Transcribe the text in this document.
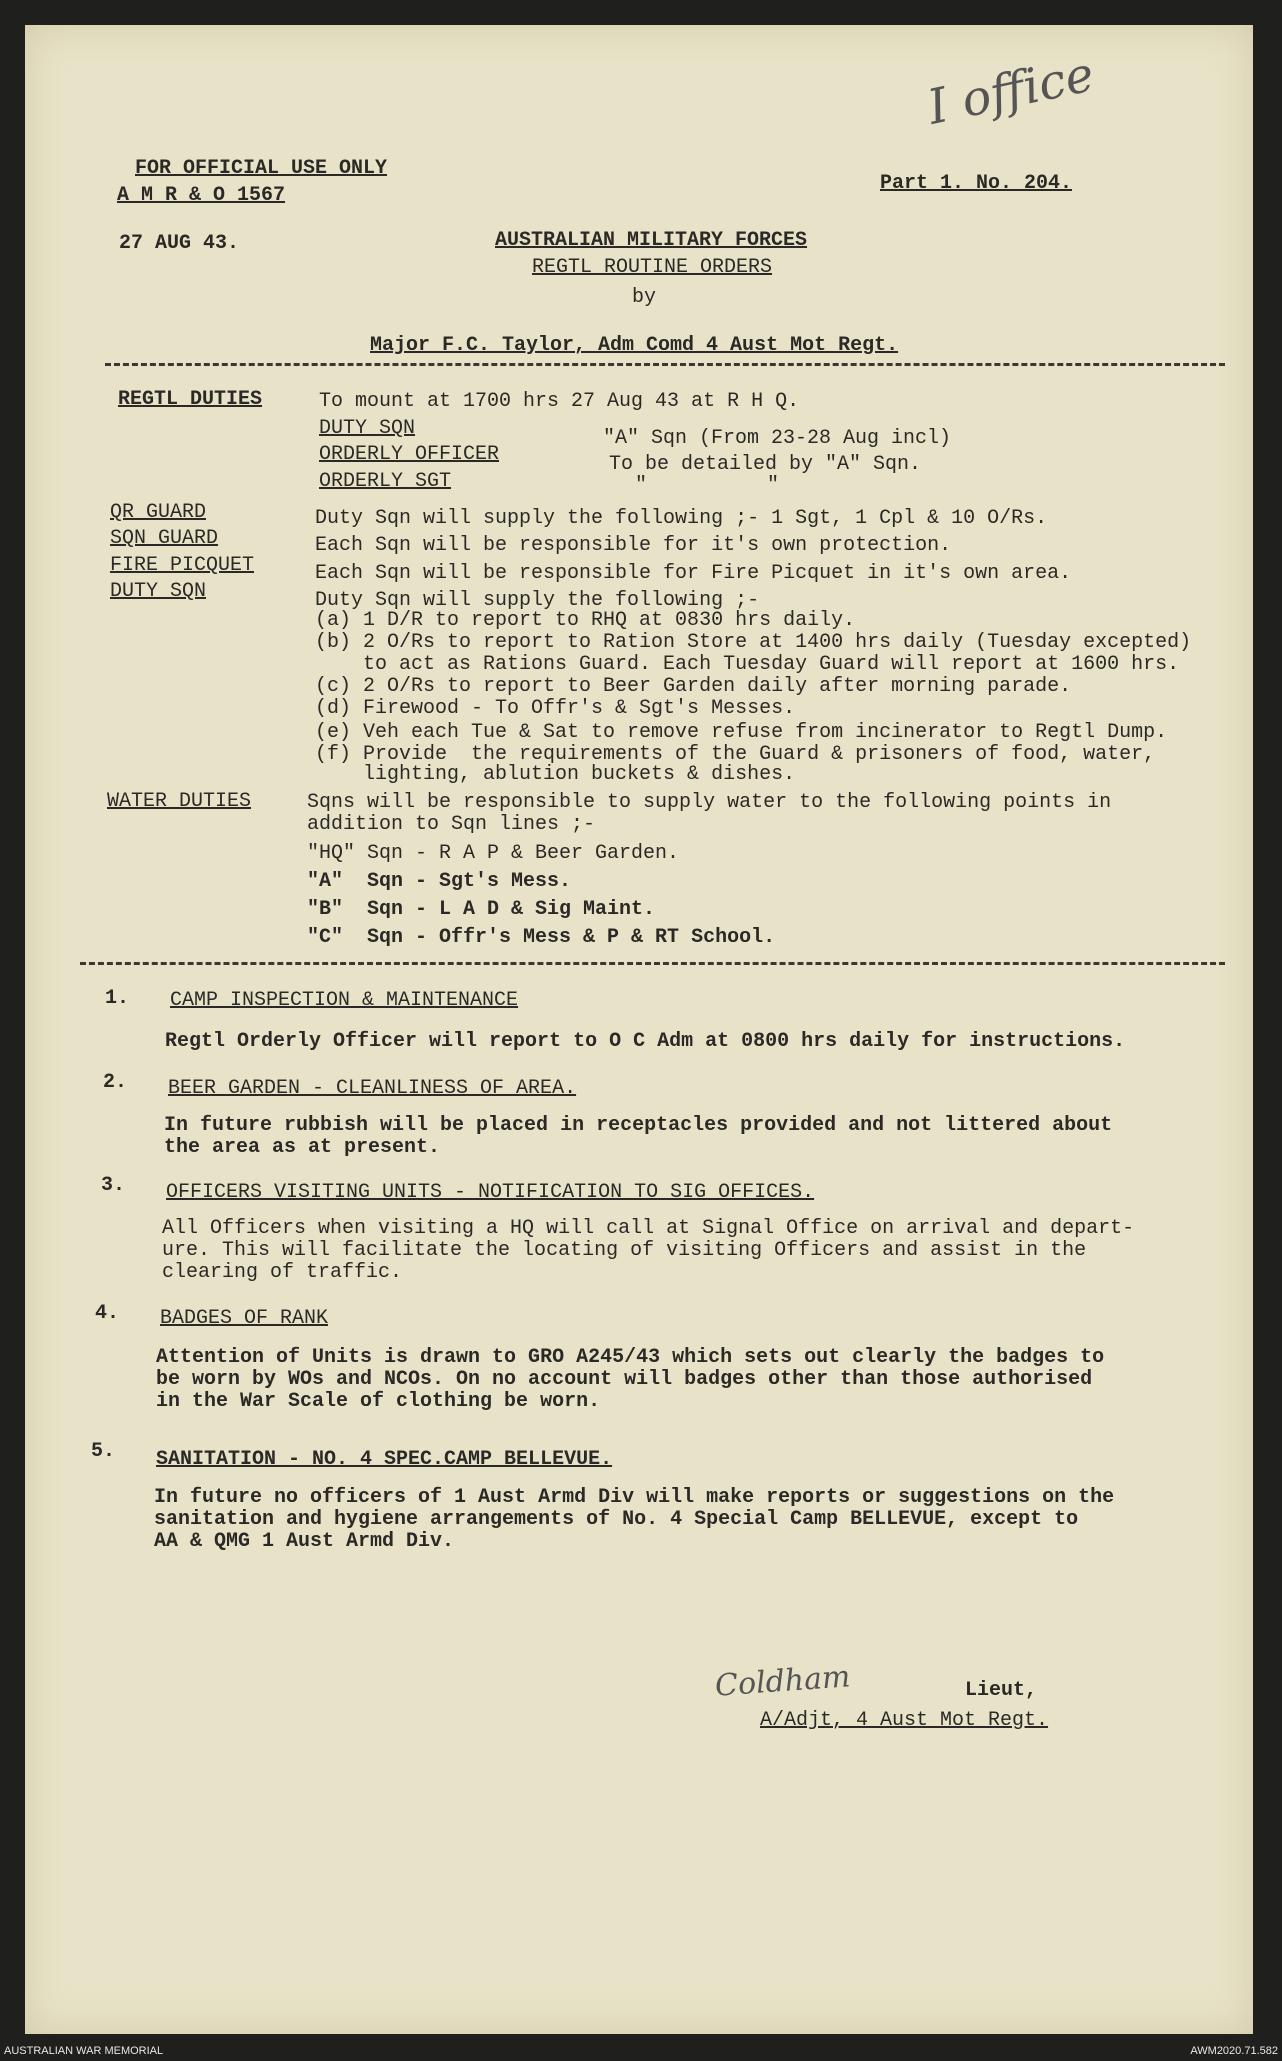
I office
FOR OFFICIAL USE ONLY
A M R & O 1567
27 AUG 43.
Part 1. No. 204.
AUSTRALIAN MILITARY FORCES
REGTL ROUTINE ORDERS
by
Major F.C. Taylor, Adm Comd 4 Aust Mot Regt.
REGTL DUTIES	To mount at 1700 hrs 27 Aug 43 at R H Q.
DUTY SQN	"A" Sqn (From 23-28 Aug incl)
ORDERLY OFFICER	To be detailed by "A" Sqn.
ORDERLY SGT	"          "
QR GUARD	Duty Sqn will supply the following ;- 1 Sgt, 1 Cpl & 10 O/Rs.
SQN GUARD	Each Sqn will be responsible for it's own protection.
FIRE PICQUET	Each Sqn will be responsible for Fire Picquet in it's own area.
DUTY SQN	Duty Sqn will supply the following ;-
(a) 1 D/R to report to RHQ at 0830 hrs daily.
(b) 2 O/Rs to report to Ration Store at 1400 hrs daily (Tuesday excepted)
to act as Rations Guard. Each Tuesday Guard will report at 1600 hrs.
(c) 2 O/Rs to report to Beer Garden daily after morning parade.
(d) Firewood - To Offr's & Sgt's Messes.
(e) Veh each Tue & Sat to remove refuse from incinerator to Regtl Dump.
(f) Provide  the requirements of the Guard & prisoners of food, water,
lighting, ablution buckets & dishes.
WATER DUTIES	Sqns will be responsible to supply water to the following points in
addition to Sqn lines ;-
"HQ" Sqn - R A P & Beer Garden.
"A"  Sqn - Sgt's Mess.
"B"  Sqn - L A D & Sig Maint.
"C"  Sqn - Offr's Mess & P & RT School.
1. CAMP INSPECTION & MAINTENANCE
Regtl Orderly Officer will report to O C Adm at 0800 hrs daily for instructions.
2. BEER GARDEN - CLEANLINESS OF AREA.
In future rubbish will be placed in receptacles provided and not littered about
the area as at present.
3. OFFICERS VISITING UNITS - NOTIFICATION TO SIG OFFICES.
All Officers when visiting a HQ will call at Signal Office on arrival and depart-
ure. This will facilitate the locating of visiting Officers and assist in the
clearing of traffic.
4. BADGES OF RANK
Attention of Units is drawn to GRO A245/43 which sets out clearly the badges to
be worn by WOs and NCOs. On no account will badges other than those authorised
in the War Scale of clothing be worn.
5. SANITATION - NO. 4 SPEC.CAMP BELLEVUE.
In future no officers of 1 Aust Armd Div will make reports or suggestions on the
sanitation and hygiene arrangements of No. 4 Special Camp BELLEVUE, except to
AA & QMG 1 Aust Armd Div.
Coldham	Lieut,
A/Adjt, 4 Aust Mot Regt.
AUSTRALIAN WAR MEMORIAL	AWM2020.71.582
